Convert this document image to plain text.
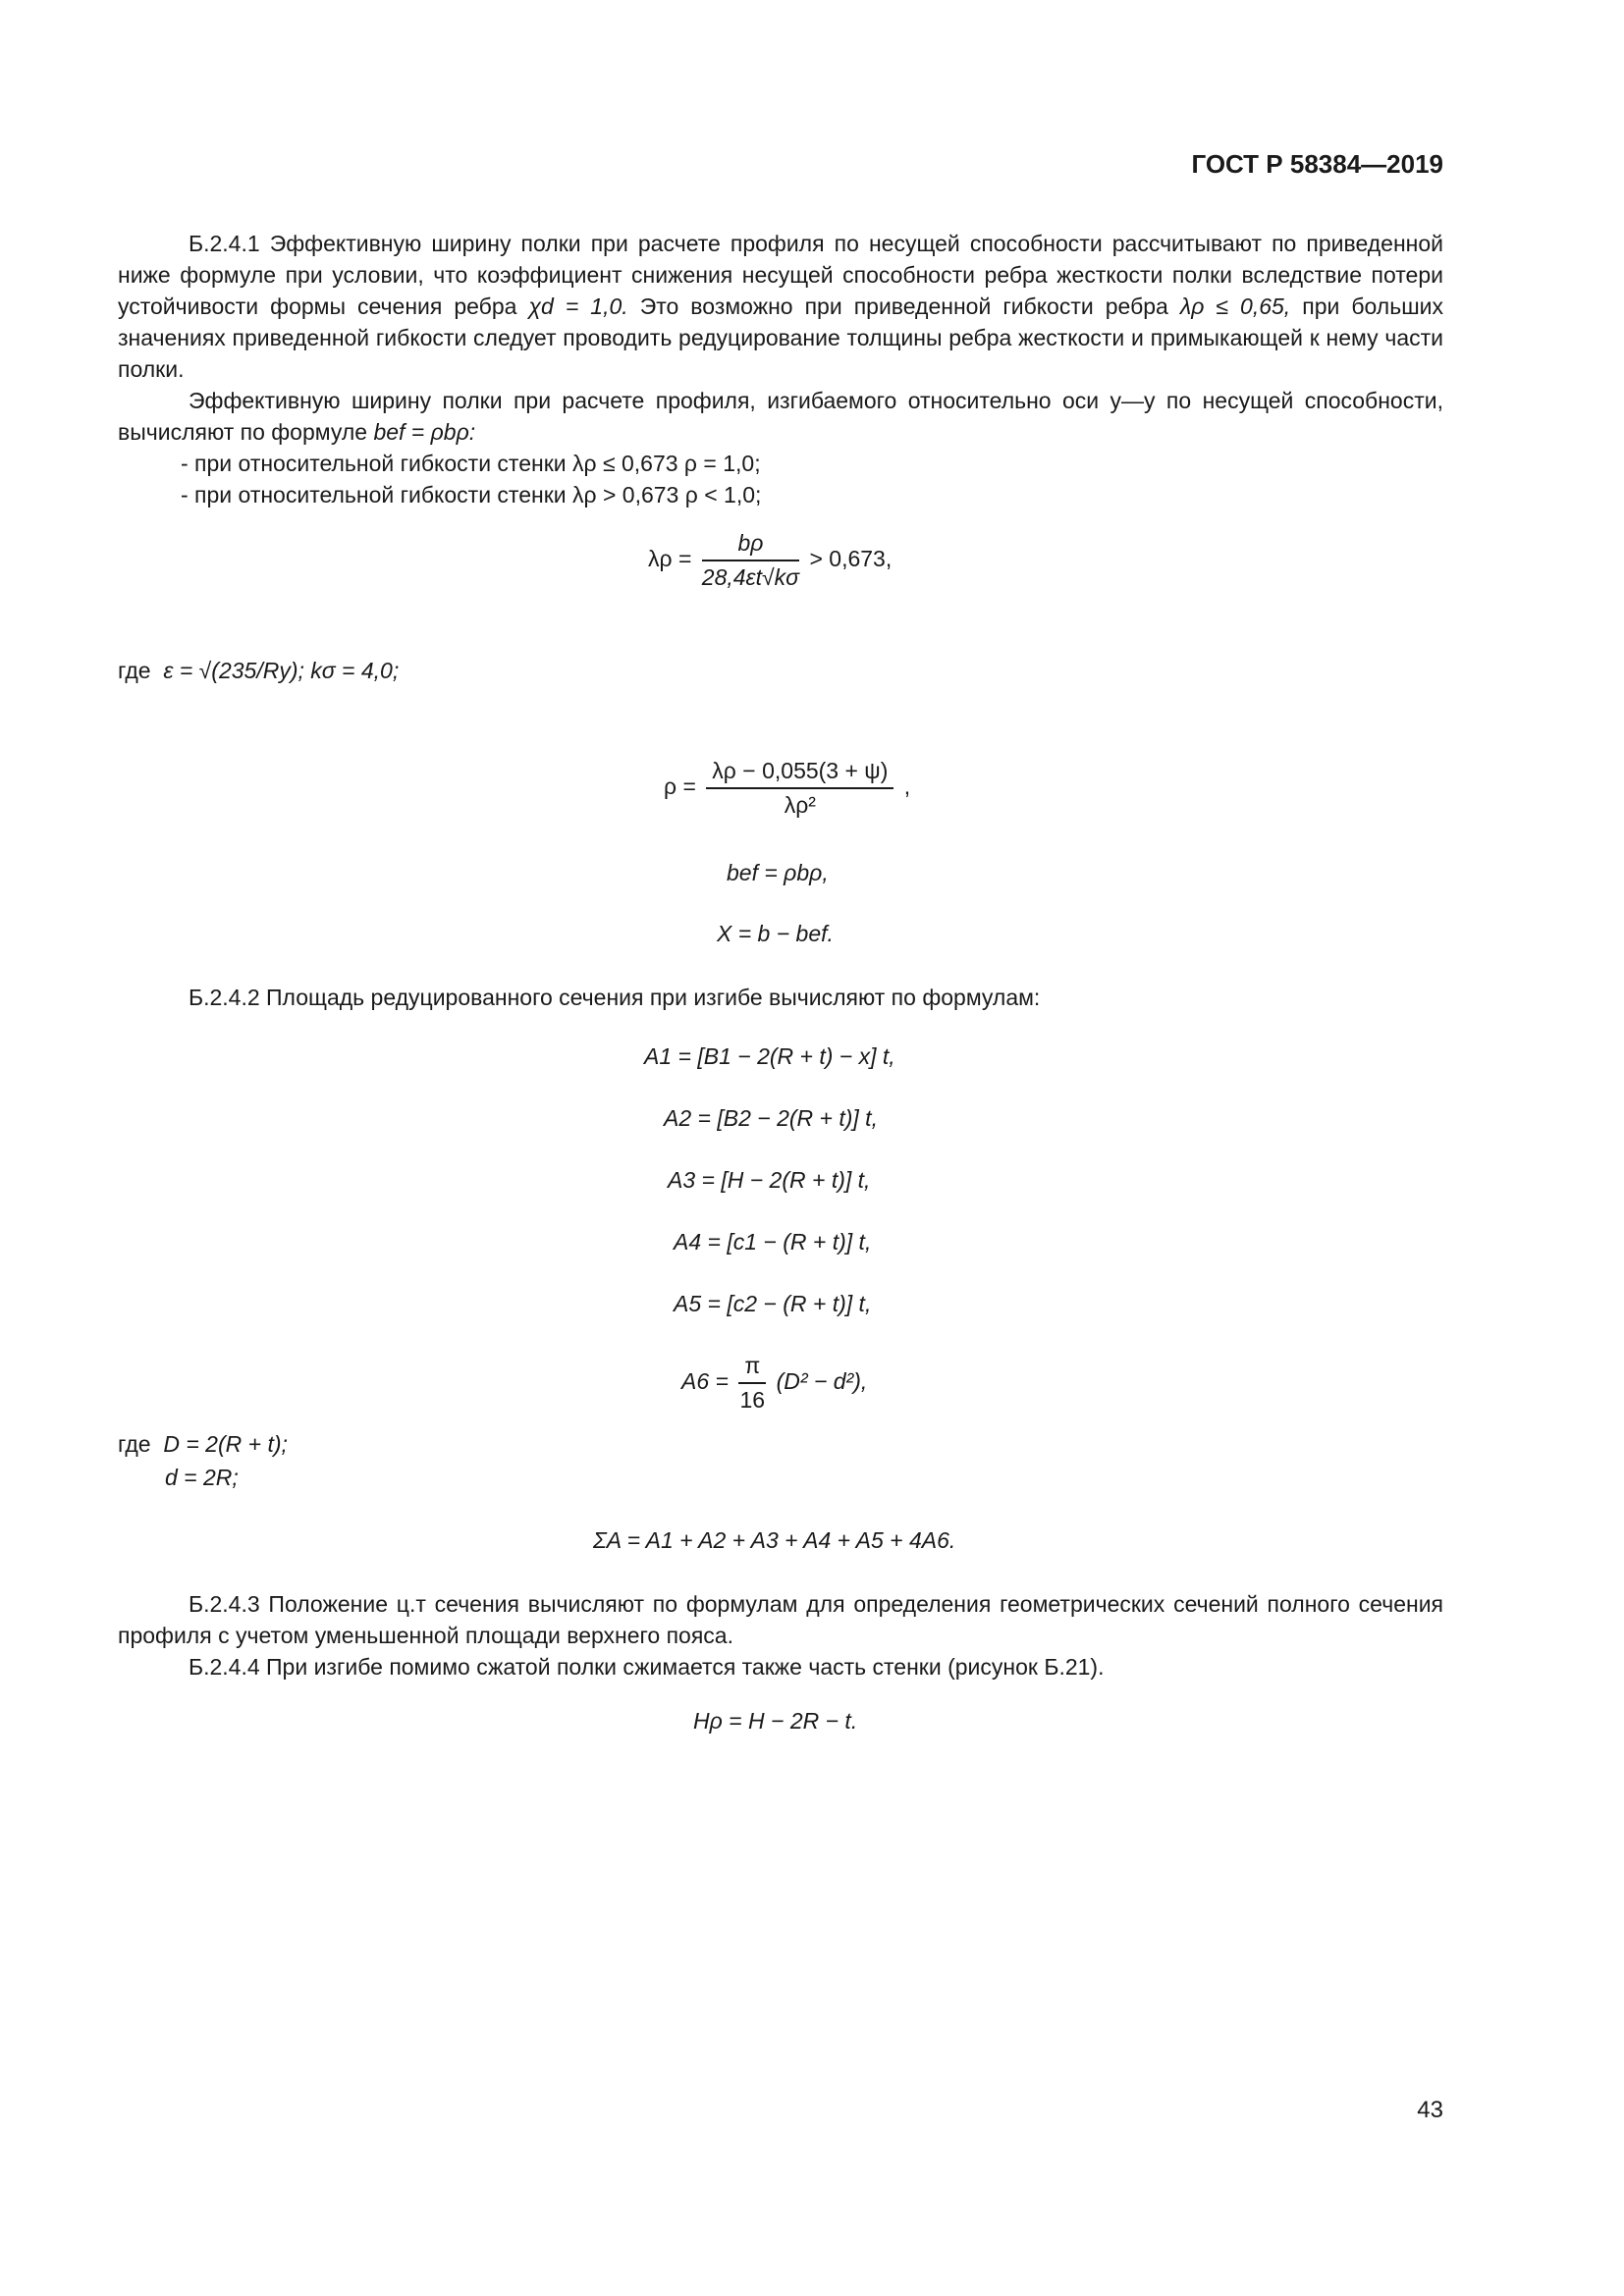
ГОСТ Р 58384—2019

Б.2.4.1 Эффективную ширину полки при расчете профиля по несущей способности рассчитывают по приведенной ниже формуле при условии, что коэффициент снижения несущей способности ребра жесткости полки вследствие потери устойчивости формы сечения ребра χd = 1,0. Это возможно при приведенной гибкости ребра λρ ≤ 0,65, при больших значениях приведенной гибкости следует проводить редуцирование толщины ребра жесткости и примыкающей к нему части полки.

Эффективную ширину полки при расчете профиля, изгибаемого относительно оси y—y по несущей способности, вычисляют по формуле bef = ρbρ:

- при относительной гибкости стенки λρ ≤ 0,673 ρ = 1,0;

- при относительной гибкости стенки λρ > 0,673 ρ < 1,0;

$\lambda\rho = \frac{b\rho}{28,4\varepsilon t√k\sigma} > 0,673$,
где ε = √(235/Ry); kσ = 4,0;
$\rho = \frac{\lambda\rho - 0,055(3 + \psi)}{\text{λρ²}}$ ,
bef = ρbρ,
X = b − bef.

Б.2.4.2 Площадь редуцированного сечения при изгибе вычисляют по формулам:

A1 = [B1 − 2(R + t) − x] t,
A2 = [B2 − 2(R + t)] t,
A3 = [H − 2(R + t)] t,
A4 = [c1 − (R + t)] t,
A5 = [c2 − (R + t)] t,
$A6 = \frac{\pi}{16} (D^2 - d^2)$,
где D = 2(R + t);
d = 2R;
ΣA = A1 + A2 + A3 + A4 + A5 + 4A6.

Б.2.4.3 Положение ц.т сечения вычисляют по формулам для определения геометрических сечений полного сечения профиля с учетом уменьшенной площади верхнего пояса.

Б.2.4.4 При изгибе помимо сжатой полки сжимается также часть стенки (рисунок Б.21).

Hρ = H − 2R − t.
43
